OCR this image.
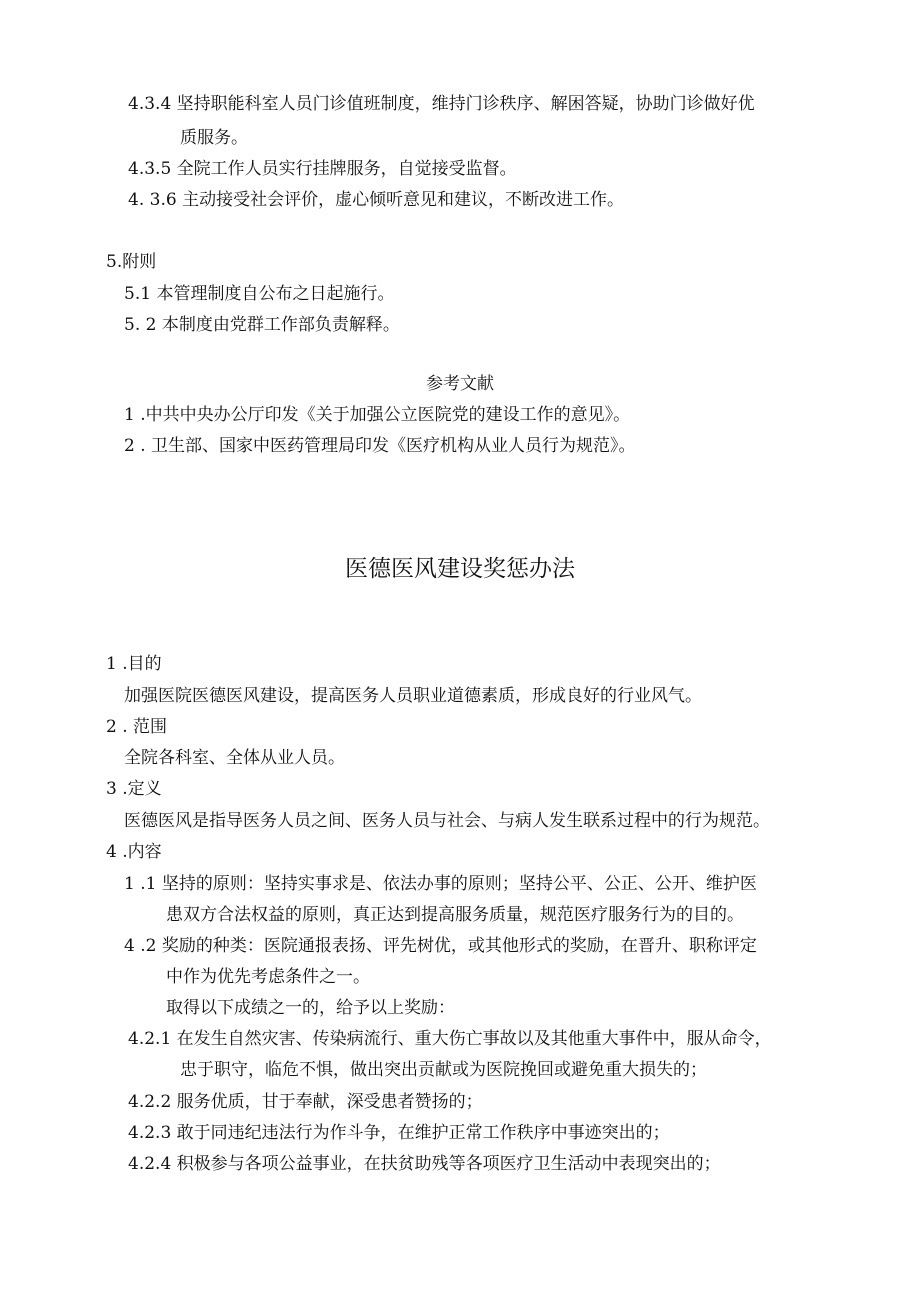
4.3.4 坚持职能科室人员门诊值班制度，维持门诊秩序、解困答疑，协助门诊做好优
质服务。
4.3.5 全院工作人员实行挂牌服务，自觉接受监督。
4. 3.6 主动接受社会评价，虚心倾听意见和建议，不断改进工作。
5.附则
5.1 本管理制度自公布之日起施行。
5. 2 本制度由党群工作部负责解释。
参考文献
1 .中共中央办公厅印发《关于加强公立医院党的建设工作的意见》。
2 . 卫生部、国家中医药管理局印发《医疗机构从业人员行为规范》。
医德医风建设奖惩办法
1 .目的
加强医院医德医风建设，提高医务人员职业道德素质，形成良好的行业风气。
2 . 范围
全院各科室、全体从业人员。
3 .定义
医德医风是指导医务人员之间、医务人员与社会、与病人发生联系过程中的行为规范。
4 .内容
1 .1 坚持的原则：坚持实事求是、依法办事的原则；坚持公平、公正、公开、维护医
患双方合法权益的原则，真正达到提高服务质量，规范医疗服务行为的目的。
4 .2 奖励的种类：医院通报表扬、评先树优，或其他形式的奖励，在晋升、职称评定
中作为优先考虑条件之一。
取得以下成绩之一的，给予以上奖励：
4.2.1 在发生自然灾害、传染病流行、重大伤亡事故以及其他重大事件中，服从命令，
忠于职守，临危不惧，做出突出贡献或为医院挽回或避免重大损失的；
4.2.2 服务优质，甘于奉献，深受患者赞扬的；
4.2.3 敢于同违纪违法行为作斗争，在维护正常工作秩序中事迹突出的；
4.2.4 积极参与各项公益事业，在扶贫助残等各项医疗卫生活动中表现突出的；
